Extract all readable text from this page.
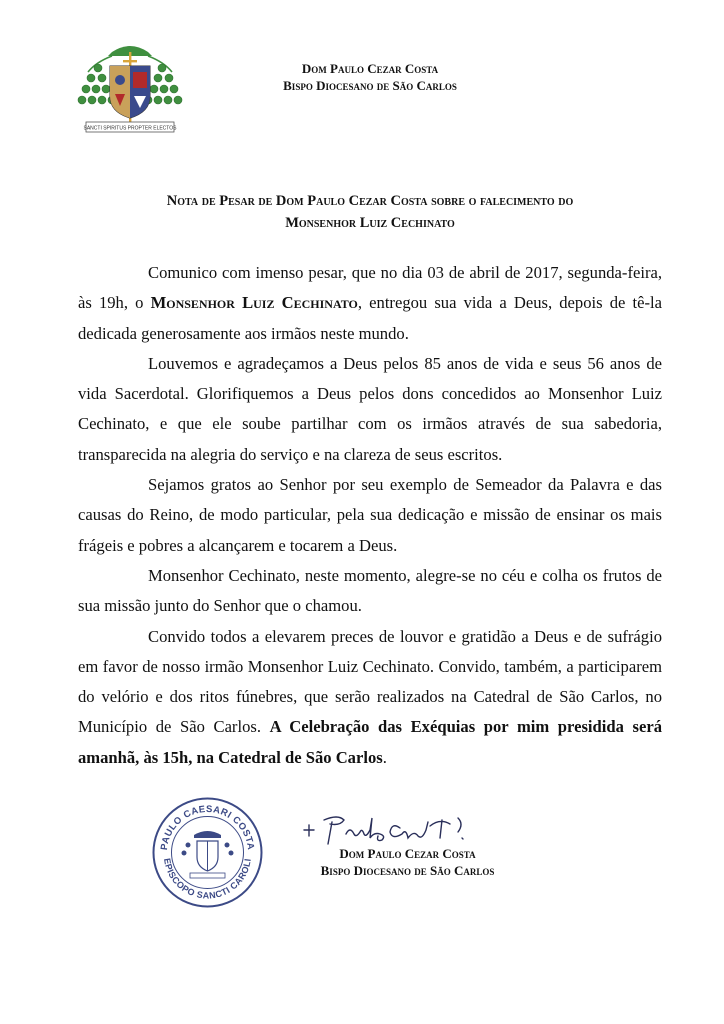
SANCTI SPIRITUS PROPTER ELECTOS
Dom Paulo Cezar Costa
Bispo Diocesano de São Carlos
Nota de Pesar de Dom Paulo Cezar Costa sobre o falecimento do
Monsenhor Luiz Cechinato

Comunico com imenso pesar, que no dia 03 de abril de 2017, segunda-feira, às 19h, o Monsenhor Luiz Cechinato, entregou sua vida a Deus, depois de tê-la dedicada generosamente aos irmãos neste mundo.

Louvemos e agradeçamos a Deus pelos 85 anos de vida e seus 56 anos de vida Sacerdotal. Glorifiquemos a Deus pelos dons concedidos ao Monsenhor Luiz Cechinato, e que ele soube partilhar com os irmãos através de sua sabedoria, transparecida na alegria do serviço e na clareza de seus escritos.

Sejamos gratos ao Senhor por seu exemplo de Semeador da Palavra e das causas do Reino, de modo particular, pela sua dedicação e missão de ensinar os mais frágeis e pobres a alcançarem e tocarem a Deus.

Monsenhor Cechinato, neste momento, alegre-se no céu e colha os frutos de sua missão junto do Senhor que o chamou.

Convido todos a elevarem preces de louvor e gratidão a Deus e de sufrágio em favor de nosso irmão Monsenhor Luiz Cechinato. Convido, também, a participarem do velório e dos ritos fúnebres, que serão realizados na Catedral de São Carlos, no Município de São Carlos. A Celebração das Exéquias por mim presidida será amanhã, às 15h, na Catedral de São Carlos.

PAULO CAESARI COSTA
EPISCOPO SANCTI CAROLI	Dom Paulo Cezar Costa
Bispo Diocesano de São Carlos
